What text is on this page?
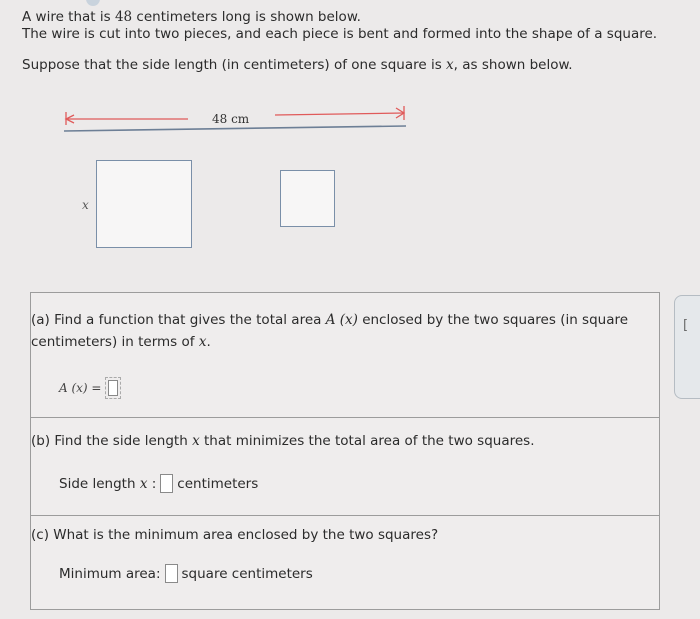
A wire that is 48 centimeters long is shown below.

The wire is cut into two pieces, and each piece is bent and formed into the shape of a square.

Suppose that the side length (in centimeters) of one square is x, as shown below.

48 cm
x
(a) Find a function that gives the total area A (x) enclosed by the two squares (in square centimeters) in terms of x.
A (x) =
(b) Find the side length x that minimizes the total area of the two squares.
Side length x : centimeters
(c) What is the minimum area enclosed by the two squares?
Minimum area: square centimeters
[
